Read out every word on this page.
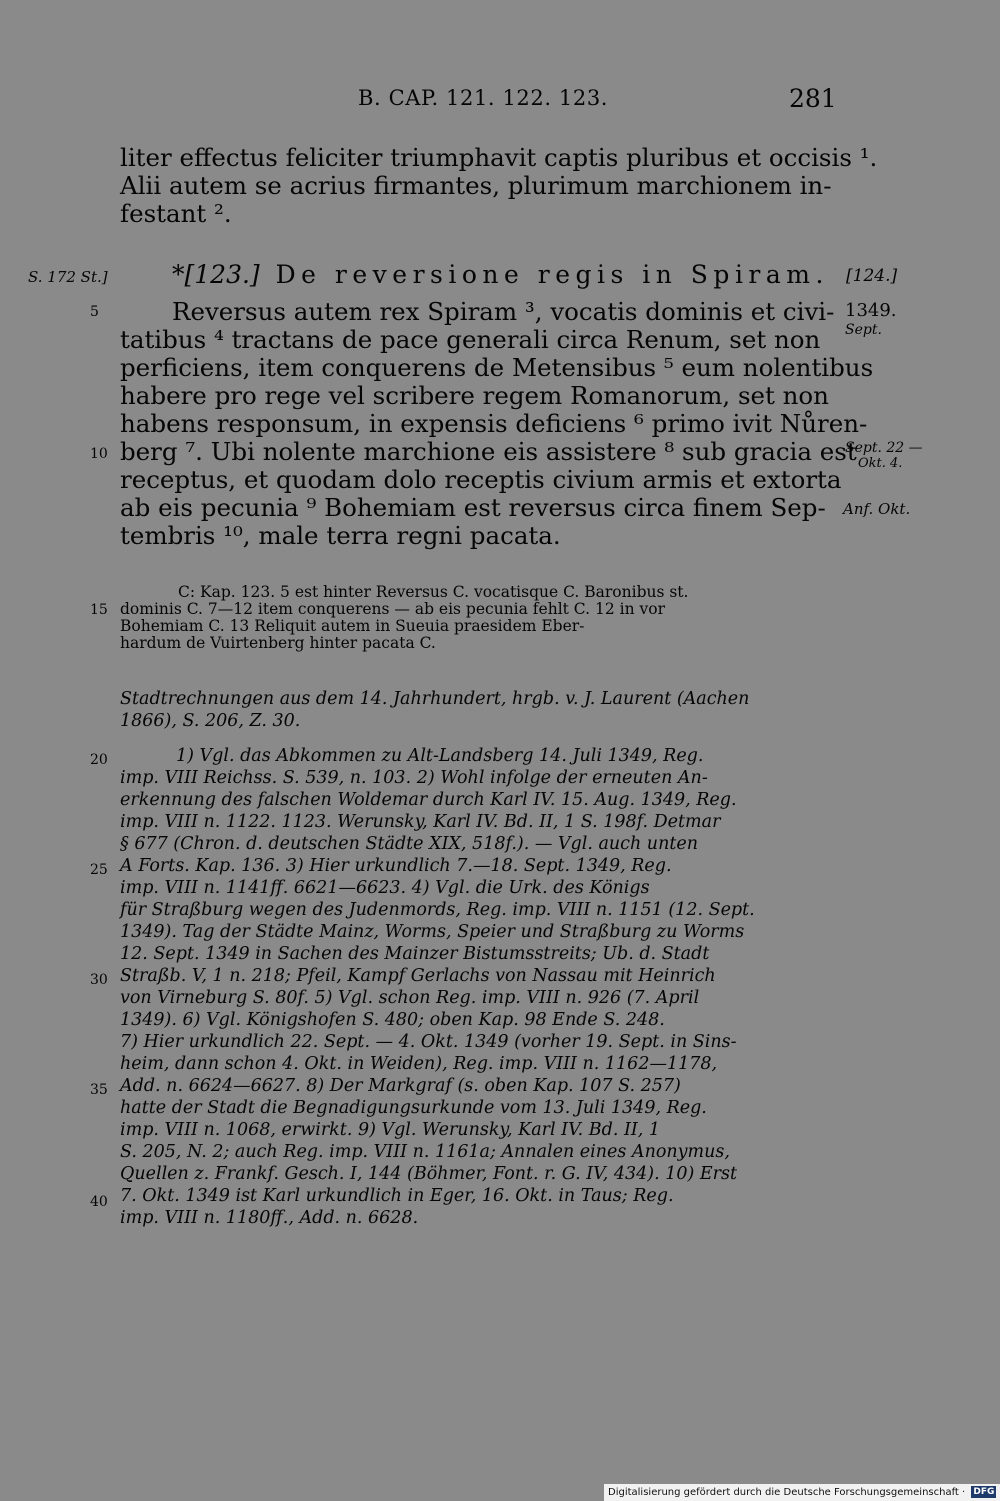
B. CAP. 121. 122. 123.	281
liter effectus feliciter triumphavit captis pluribus et occisis ¹.
Alii autem se acrius firmantes, plurimum marchionem in-
festant ².
S. 172 St.]	*[123.] De reversione regis in Spiram. [124.]
Reversus autem rex Spiram ³, vocatis dominis et civi-
tatibus ⁴ tractans de pace generali circa Renum, set non
perficiens, item conquerens de Metensibus ⁵ eum nolentibus
habere pro rege vel scribere regem Romanorum, set non
habens responsum, in expensis deficiens ⁶ primo ivit Nůren-
berg ⁷. Ubi nolente marchione eis assistere ⁸ sub gracia est
receptus, et quodam dolo receptis civium armis et extorta
ab eis pecunia ⁹ Bohemiam est reversus circa finem Sep-
tembris ¹⁰, male terra regni pacata.
1349.
Sept.
Sept. 22 —
Okt. 4.
Anf. Okt.
5
10
15
20
25
30
35
40
C: Kap. 123. 5 est hinter Reversus C. vocatisque C. Baronibus st.
dominis C. 7—12 item conquerens — ab eis pecunia fehlt C. 12 in vor
Bohemiam C. 13 Reliquit autem in Sueuia praesidem Eber-
hardum de Vuirtenberg hinter pacata C.
Stadtrechnungen aus dem 14. Jahrhundert, hrgb. v. J. Laurent (Aachen
1866), S. 206, Z. 30.
1) Vgl. das Abkommen zu Alt-Landsberg 14. Juli 1349, Reg.
imp. VIII Reichss. S. 539, n. 103. 2) Wohl infolge der erneuten An-
erkennung des falschen Woldemar durch Karl IV. 15. Aug. 1349, Reg.
imp. VIII n. 1122. 1123. Werunsky, Karl IV. Bd. II, 1 S. 198f. Detmar
§ 677 (Chron. d. deutschen Städte XIX, 518f.). — Vgl. auch unten
A Forts. Kap. 136. 3) Hier urkundlich 7.—18. Sept. 1349, Reg.
imp. VIII n. 1141ff. 6621—6623. 4) Vgl. die Urk. des Königs
für Straßburg wegen des Judenmords, Reg. imp. VIII n. 1151 (12. Sept.
1349). Tag der Städte Mainz, Worms, Speier und Straßburg zu Worms
12. Sept. 1349 in Sachen des Mainzer Bistumsstreits; Ub. d. Stadt
Straßb. V, 1 n. 218; Pfeil, Kampf Gerlachs von Nassau mit Heinrich
von Virneburg S. 80f. 5) Vgl. schon Reg. imp. VIII n. 926 (7. April
1349). 6) Vgl. Königshofen S. 480; oben Kap. 98 Ende S. 248.
7) Hier urkundlich 22. Sept. — 4. Okt. 1349 (vorher 19. Sept. in Sins-
heim, dann schon 4. Okt. in Weiden), Reg. imp. VIII n. 1162—1178,
Add. n. 6624—6627. 8) Der Markgraf (s. oben Kap. 107 S. 257)
hatte der Stadt die Begnadigungsurkunde vom 13. Juli 1349, Reg.
imp. VIII n. 1068, erwirkt. 9) Vgl. Werunsky, Karl IV. Bd. II, 1
S. 205, N. 2; auch Reg. imp. VIII n. 1161a; Annalen eines Anonymus,
Quellen z. Frankf. Gesch. I, 144 (Böhmer, Font. r. G. IV, 434). 10) Erst
7. Okt. 1349 ist Karl urkundlich in Eger, 16. Okt. in Taus; Reg.
imp. VIII n. 1180ff., Add. n. 6628.
Digitalisierung gefördert durch die Deutsche Forschungsgemeinschaft · DFG
